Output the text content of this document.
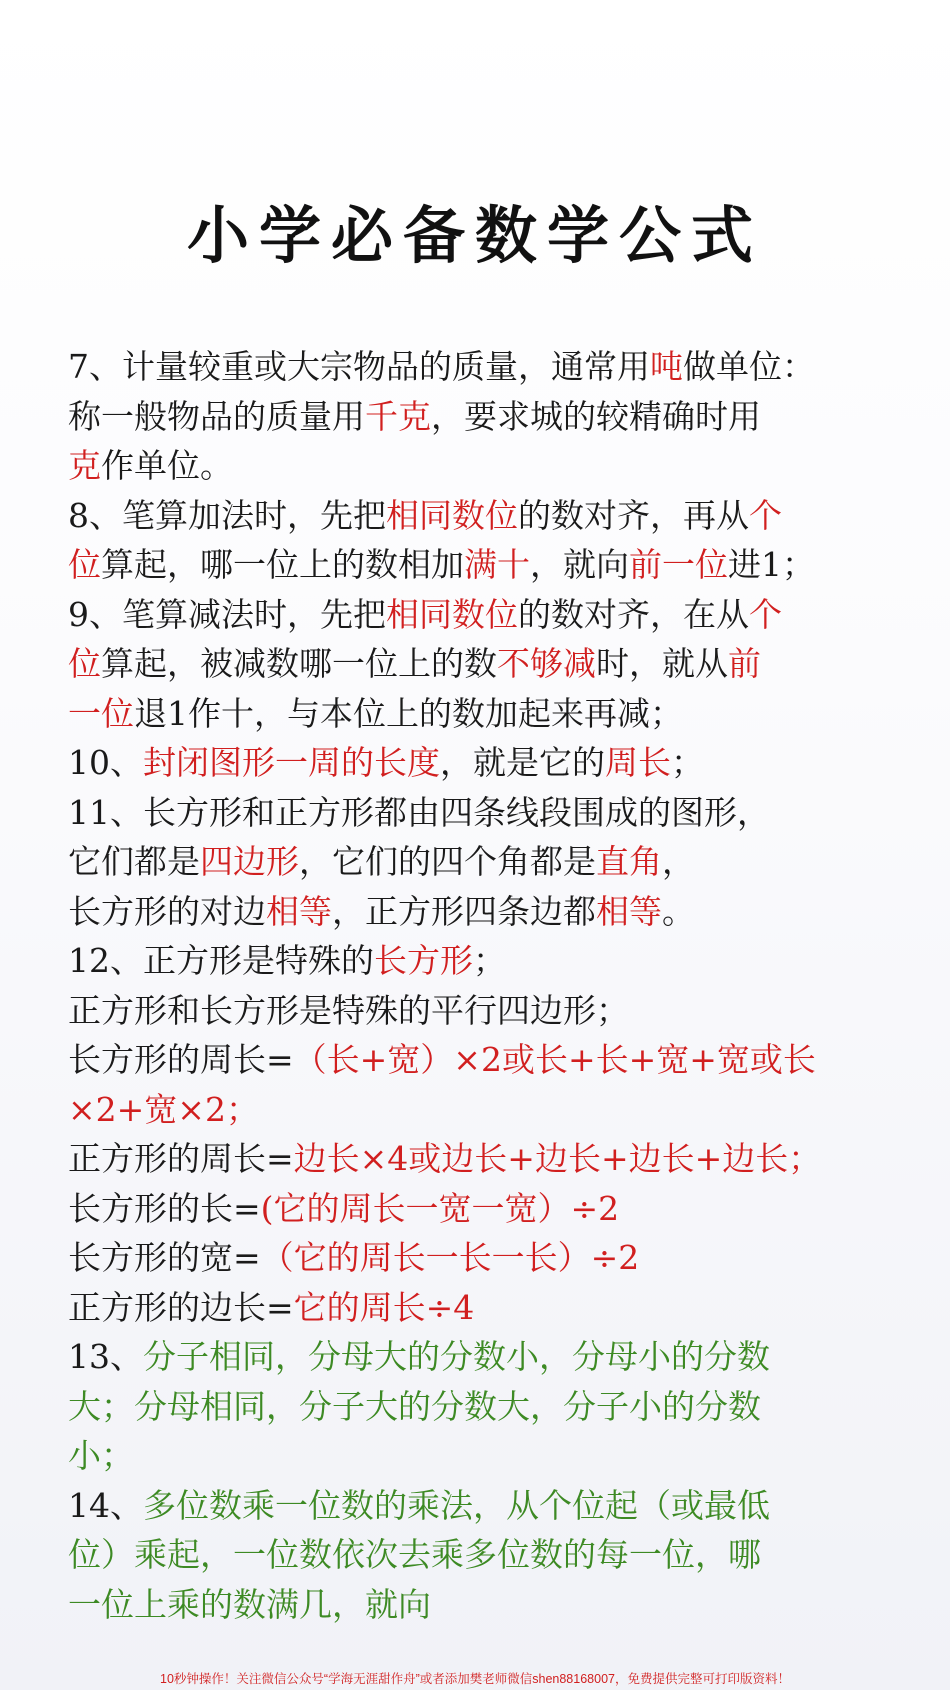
小学必备数学公式
7、计量较重或大宗物品的质量，通常用吨做单位：
称一般物品的质量用千克，要求城的较精确时用
克作单位。
8、笔算加法时，先把相同数位的数对齐，再从个
位算起，哪一位上的数相加满十，就向前一位进1；
9、笔算减法时，先把相同数位的数对齐，在从个
位算起，被减数哪一位上的数不够减时，就从前
一位退1作十，与本位上的数加起来再减；
10、封闭图形一周的长度，就是它的周长；
11、长方形和正方形都由四条线段围成的图形，
它们都是四边形，它们的四个角都是直角，
长方形的对边相等，正方形四条边都相等。
12、正方形是特殊的长方形；
正方形和长方形是特殊的平行四边形；
长方形的周长=（长+宽）×2或长+长+宽+宽或长
×2+宽×2；
正方形的周长=边长×4或边长+边长+边长+边长；
长方形的长=(它的周长一宽一宽）÷2
长方形的宽=（它的周长一长一长）÷2
正方形的边长=它的周长÷4
13、分子相同，分母大的分数小，分母小的分数
大；分母相同，分子大的分数大，分子小的分数
小；
14、多位数乘一位数的乘法，从个位起（或最低
位）乘起，一位数依次去乘多位数的每一位，哪
一位上乘的数满几，就向
10秒钟操作！关注微信公众号“学海无涯甜作舟”或者添加樊老师微信shen88168007，免费提供完整可打印版资料！
